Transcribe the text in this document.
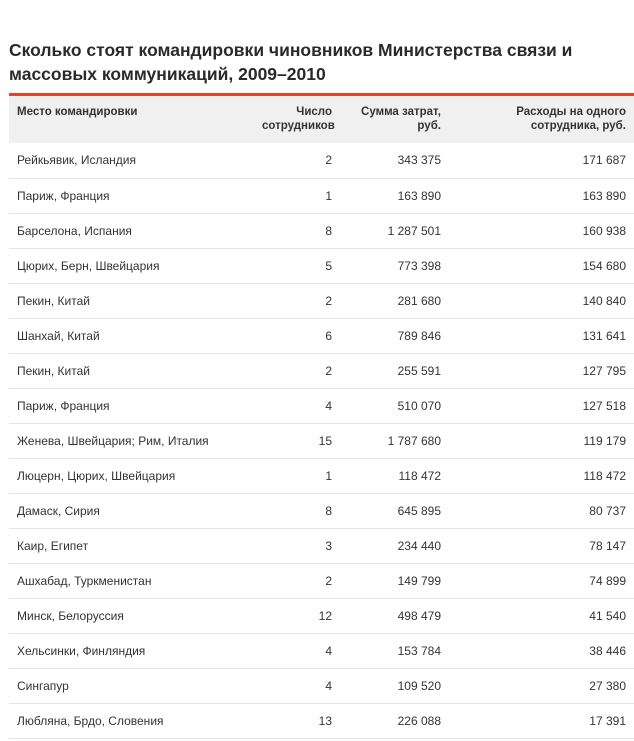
Сколько стоят командировки чиновников Министерства связи и массовых коммуникаций, 2009–2010
Место командировки	Число сотрудников	Сумма затрат, руб.	Расходы на одного сотрудника, руб.
Рейкьявик, Исландия	2	343 375	171 687
Париж, Франция	1	163 890	163 890
Барселона, Испания	8	1 287 501	160 938
Цюрих, Берн, Швейцария	5	773 398	154 680
Пекин, Китай	2	281 680	140 840
Шанхай, Китай	6	789 846	131 641
Пекин, Китай	2	255 591	127 795
Париж, Франция	4	510 070	127 518
Женева, Швейцария; Рим, Италия	15	1 787 680	119 179
Люцерн, Цюрих, Швейцария	1	118 472	118 472
Дамаск, Сирия	8	645 895	80 737
Каир, Египет	3	234 440	78 147
Ашхабад, Туркменистан	2	149 799	74 899
Минск, Белоруссия	12	498 479	41 540
Хельсинки, Финляндия	4	153 784	38 446
Сингапур	4	109 520	27 380
Любляна, Брдо, Словения	13	226 088	17 391
